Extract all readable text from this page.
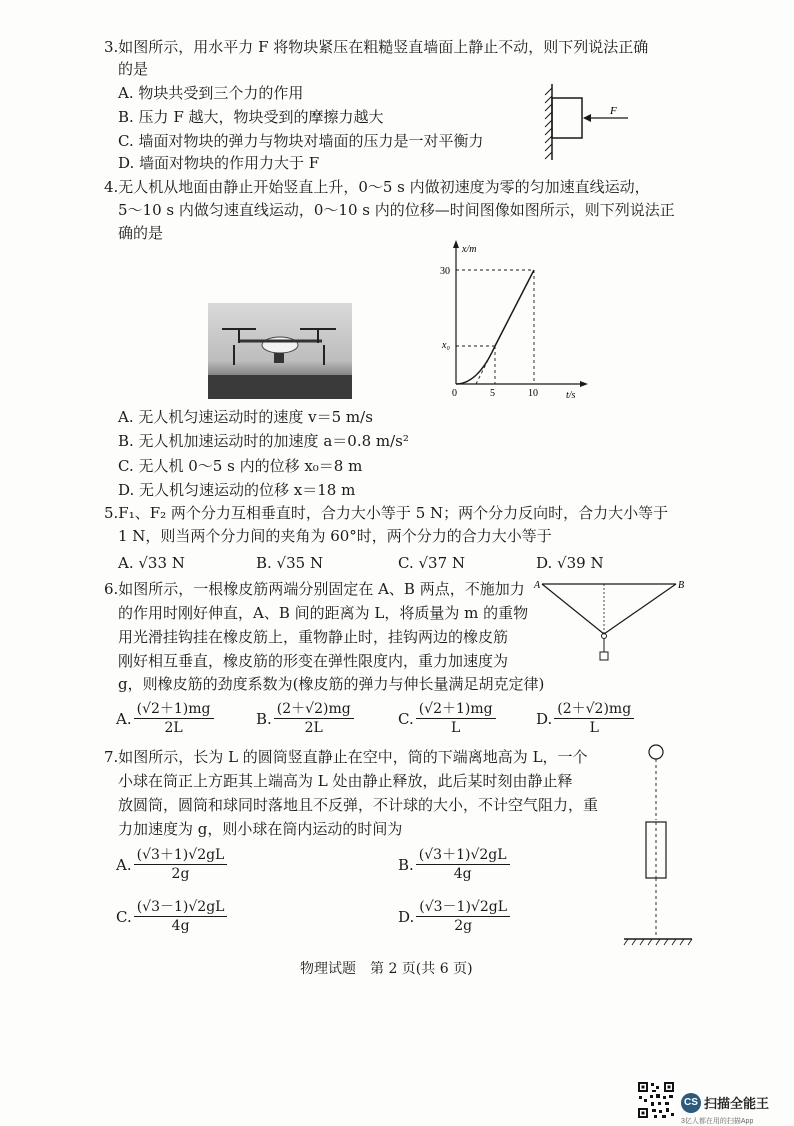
3.如图所示，用水平力 F 将物块紧压在粗糙竖直墙面上静止不动，则下列说法正确
的是
A. 物块共受到三个力的作用
B. 压力 F 越大，物块受到的摩擦力越大
C. 墙面对物块的弹力与物块对墙面的压力是一对平衡力
D. 墙面对物块的作用力大于 F
F
4.无人机从地面由静止开始竖直上升，0～5 s 内做初速度为零的匀加速直线运动，
5～10 s 内做匀速直线运动，0～10 s 内的位移—时间图像如图所示，则下列说法正
确的是
x/m
t/s
30
x₀
0	5	10
A. 无人机匀速运动时的速度 v＝5 m/s
B. 无人机加速运动时的加速度 a＝0.8 m/s²
C. 无人机 0～5 s 内的位移 x₀＝8 m
D. 无人机匀速运动的位移 x＝18 m
5.F₁、F₂ 两个分力互相垂直时，合力大小等于 5 N；两个分力反向时，合力大小等于
1 N，则当两个分力间的夹角为 60°时，两个分力的合力大小等于
A. √33 N	B. √35 N	C. √37 N	D. √39 N
6.如图所示，一根橡皮筋两端分别固定在 A、B 两点，不施加力
的作用时刚好伸直，A、B 间的距离为 L，将质量为 m 的重物
用光滑挂钩挂在橡皮筋上，重物静止时，挂钩两边的橡皮筋
刚好相互垂直，橡皮筋的形变在弹性限度内，重力加速度为
g，则橡皮筋的劲度系数为(橡皮筋的弹力与伸长量满足胡克定律)
A	B
A. $\frac{(√2+1)mg}{2L}$	B. $\frac{(2+√2)mg}{2L}$	C. $\frac{(√2+1)mg}{L}$	D. $\frac{(2+√2)mg}{L}$
7.如图所示，长为 L 的圆筒竖直静止在空中，筒的下端离地高为 L，一个
小球在筒正上方距其上端高为 L 处由静止释放，此后某时刻由静止释
放圆筒，圆筒和球同时落地且不反弹，不计球的大小，不计空气阻力，重
力加速度为 g，则小球在筒内运动的时间为
A. $\frac{(√3+1)√2gL}{2g}$	B. $\frac{(√3+1)√2gL}{4g}$
C. $\frac{(√3-1)√2gL}{4g}$	D. $\frac{(√3-1)√2gL}{2g}$
物理试题　第 2 页(共 6 页)
CS 扫描全能王
3亿人都在用的扫描App
